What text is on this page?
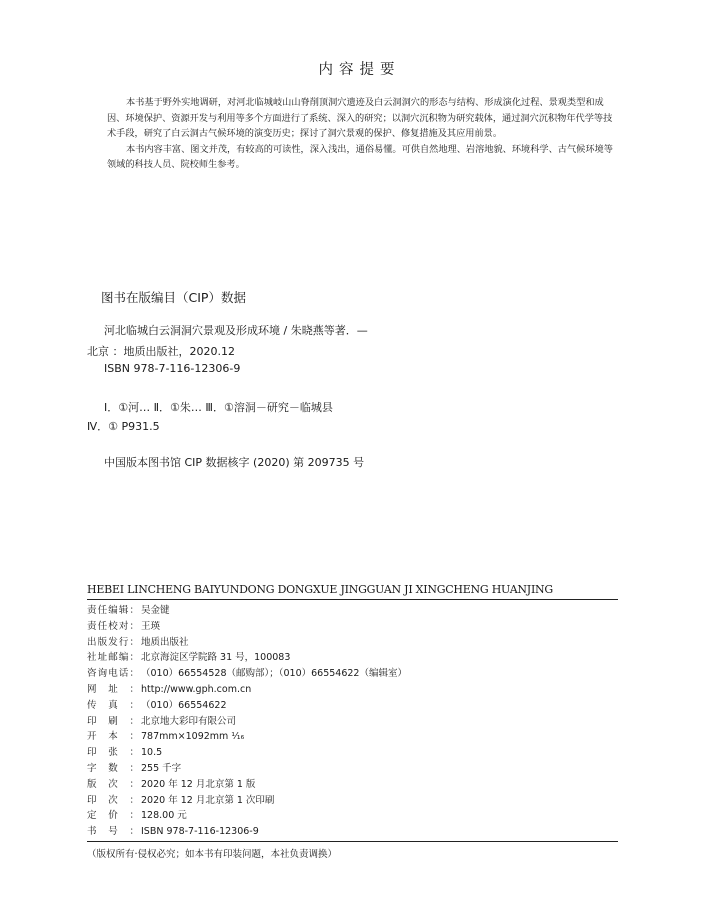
内容提要

本书基于野外实地调研，对河北临城岐山山脊削顶洞穴遗迹及白云洞洞穴的形态与结构、形成演化过程、景观类型和成因、环境保护、资源开发与利用等多个方面进行了系统、深入的研究；以洞穴沉积物为研究载体，通过洞穴沉积物年代学等技术手段，研究了白云洞古气候环境的演变历史；探讨了洞穴景观的保护、修复措施及其应用前景。

本书内容丰富、图文并茂，有较高的可读性，深入浅出，通俗易懂。可供自然地理、岩溶地貌、环境科学、古气候环境等领域的科技人员、院校师生参考。

图书在版编目（CIP）数据
河北临城白云洞洞穴景观及形成环境 / 朱晓燕等著．—
北京 ：地质出版社，2020.12
ISBN 978-7-116-12306-9
Ⅰ．①河… Ⅱ．①朱… Ⅲ．①溶洞－研究－临城县
Ⅳ．① P931.5
中国版本图书馆 CIP 数据核字 (2020) 第 209735 号
HEBEI LINCHENG BAIYUNDONG DONGXUE JINGGUAN JI XINGCHENG HUANJING
责任编辑： 吴金键
责任校对： 王瑛
出版发行： 地质出版社
社址邮编： 北京海淀区学院路 31 号，100083
咨询电话： （010）66554528（邮购部）；（010）66554622（编辑室）
网址： http://www.gph.com.cn
传真： （010）66554622
印刷： 北京地大彩印有限公司
开本： 787mm×1092mm ¹⁄₁₆
印张： 10.5
字数： 255 千字
版次： 2020 年 12 月北京第 1 版
印次： 2020 年 12 月北京第 1 次印刷
定价： 128.00 元
书号： ISBN 978-7-116-12306-9
（版权所有·侵权必究；如本书有印装问题，本社负责调换）
